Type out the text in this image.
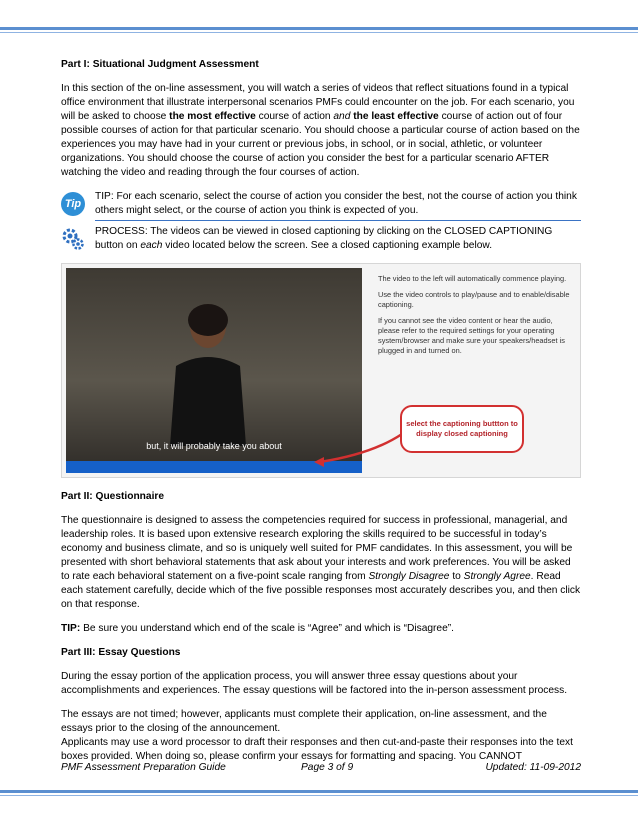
Part I: Situational Judgment Assessment

In this section of the on-line assessment, you will watch a series of videos that reflect situations found in a typical office environment that illustrate interpersonal scenarios PMFs could encounter on the job. For each scenario, you will be asked to choose the most effective course of action and the least effective course of action out of four possible courses of action for that particular scenario. You should choose a particular course of action based on the experiences you may have had in your current or previous jobs, in school, or in social, athletic, or volunteer organizations. You should choose the course of action you consider the best for a particular scenario AFTER watching the video and reading through the four courses of action.

Tip
TIP: For each scenario, select the course of action you consider the best, not the course of action you think others might select, or the course of action you think is expected of you.
PROCESS: The videos can be viewed in closed captioning by clicking on the CLOSED CAPTIONING button on each video located below the screen. See a closed captioning example below.
but, it will probably take you about

The video to the left will automatically commence playing.

Use the video controls to play/pause and to enable/disable captioning.

If you cannot see the video content or hear the audio, please refer to the required settings for your operating system/browser and make sure your speakers/headset is plugged in and turned on.

select the captioning buttton to display closed captioning

Part II: Questionnaire

The questionnaire is designed to assess the competencies required for success in professional, managerial, and leadership roles. It is based upon extensive research exploring the skills required to be successful in today’s economy and business climate, and so is uniquely well suited for PMF candidates. In this assessment, you will be presented with short behavioral statements that ask about your interests and work preferences. You will be asked to rate each behavioral statement on a five-point scale ranging from Strongly Disagree to Strongly Agree. Read each statement carefully, decide which of the five possible responses most accurately describes you, and then click on that response.

TIP: Be sure you understand which end of the scale is “Agree” and which is “Disagree”.

Part III: Essay Questions

During the essay portion of the application process, you will answer three essay questions about your accomplishments and experiences. The essay questions will be factored into the in-person assessment process.

The essays are not timed; however, applicants must complete their application, on-line assessment, and the essays prior to the closing of the announcement.

Applicants may use a word processor to draft their responses and then cut-and-paste their responses into the text boxes provided. When doing so, please confirm your essays for formatting and spacing. You CANNOT

PMF Assessment Preparation Guide	Page 3 of 9	Updated: 11-09-2012
